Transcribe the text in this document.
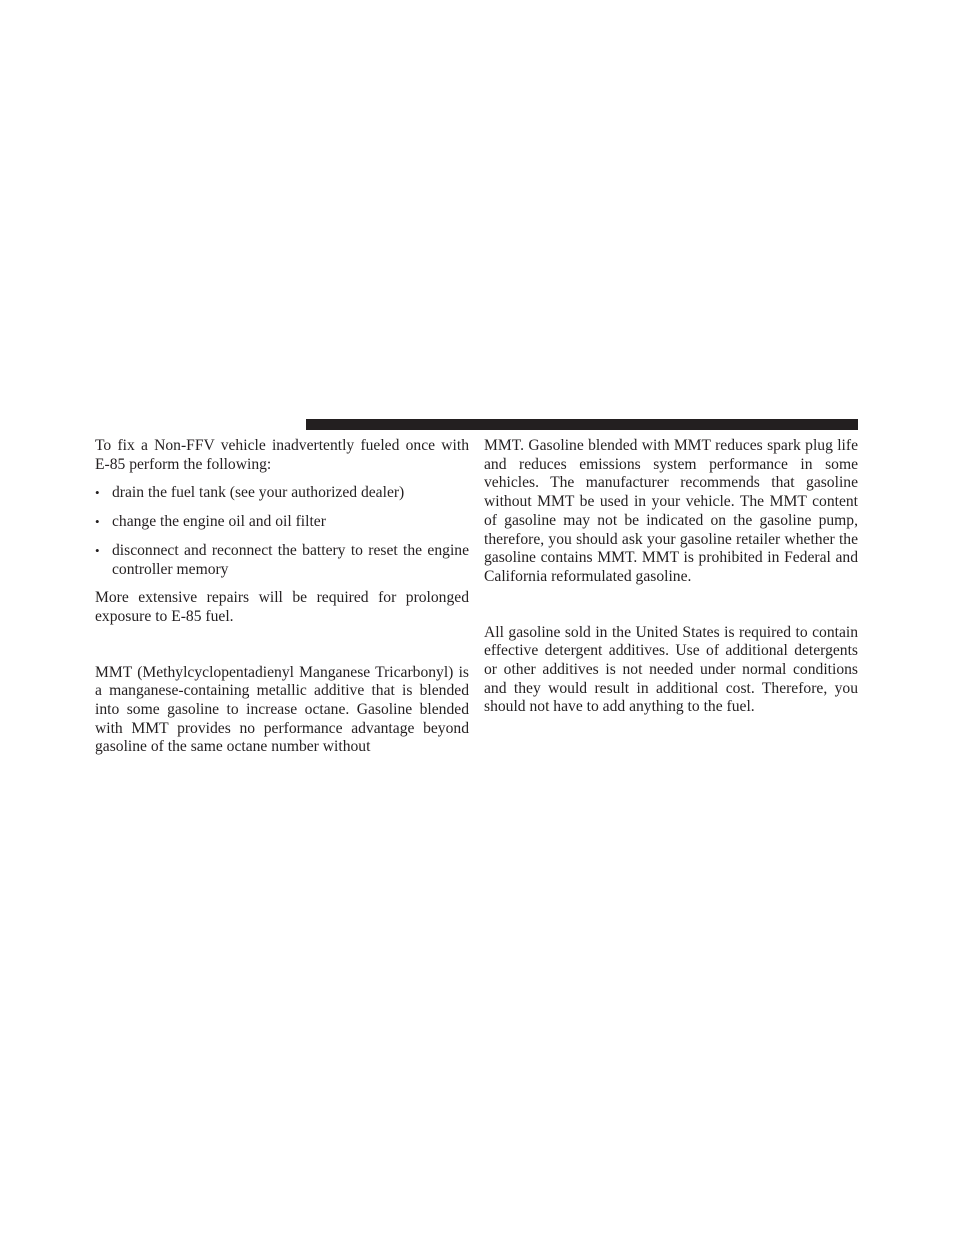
To fix a Non-FFV vehicle inadvertently fueled once with E-85 perform the following:

• drain the fuel tank (see your authorized dealer)
• change the engine oil and oil filter
• disconnect and reconnect the battery to reset the engine controller memory

More extensive repairs will be required for prolonged exposure to E-85 fuel.

MMT (Methylcyclopentadienyl Manganese Tricarbonyl) is a manganese-containing metallic additive that is blended into some gasoline to increase octane. Gasoline blended with MMT provides no performance advantage beyond gasoline of the same octane number without

MMT. Gasoline blended with MMT reduces spark plug life and reduces emissions system performance in some vehicles. The manufacturer recommends that gasoline without MMT be used in your vehicle. The MMT content of gasoline may not be indicated on the gasoline pump, therefore, you should ask your gasoline retailer whether the gasoline contains MMT. MMT is prohibited in Federal and California reformulated gasoline.

All gasoline sold in the United States is required to contain effective detergent additives. Use of additional detergents or other additives is not needed under normal conditions and they would result in additional cost. Therefore, you should not have to add anything to the fuel.
